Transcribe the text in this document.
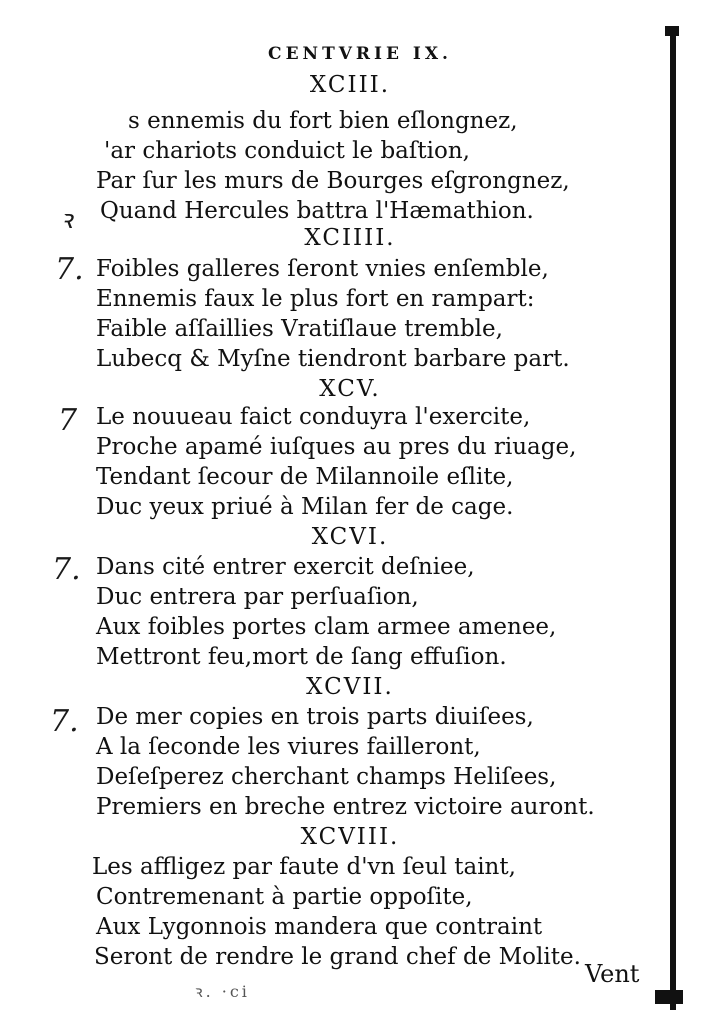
CENTVRIE IX.
XCIII.
s ennemis du fort bien eſlongnez,
'ar chariots conduict le baſtion,
Par ſur les murs de Bourges eſgrongnez,
Quand Hercules battra l'Hæmathion.
ꝛ
XCIIII.
7. Foibles galleres ſeront vnies enſemble,
Ennemis faux le plus fort en rampart:
Faible aſſaillies Vratiſlaue tremble,
Lubecq & Myſne tiendront barbare part.
XCV.
7 Le nouueau faict conduyra l'exercite,
Proche apamé iuſques au pres du riuage,
Tendant ſecour de Milannoile eſlite,
Duc yeux priué à Milan fer de cage.
XCVI.
7. Dans cité entrer exercit deſniee,
Duc entrera par perſuaſion,
Aux foibles portes clam armee amenee,
Mettront feu,mort de ſang effuſion.
XCVII.
7. De mer copies en trois parts diuiſees,
A la ſeconde les viures failleront,
Deſeſperez cherchant champs Heliſees,
Premiers en breche entrez victoire auront.
XCVIII.
Les affligez par faute d'vn ſeul taint,
Contremenant à partie oppoſite,
Aux Lygonnois mandera que contraint
Seront de rendre le grand chef de Molite.
Vent
ꝛ. ·ci
